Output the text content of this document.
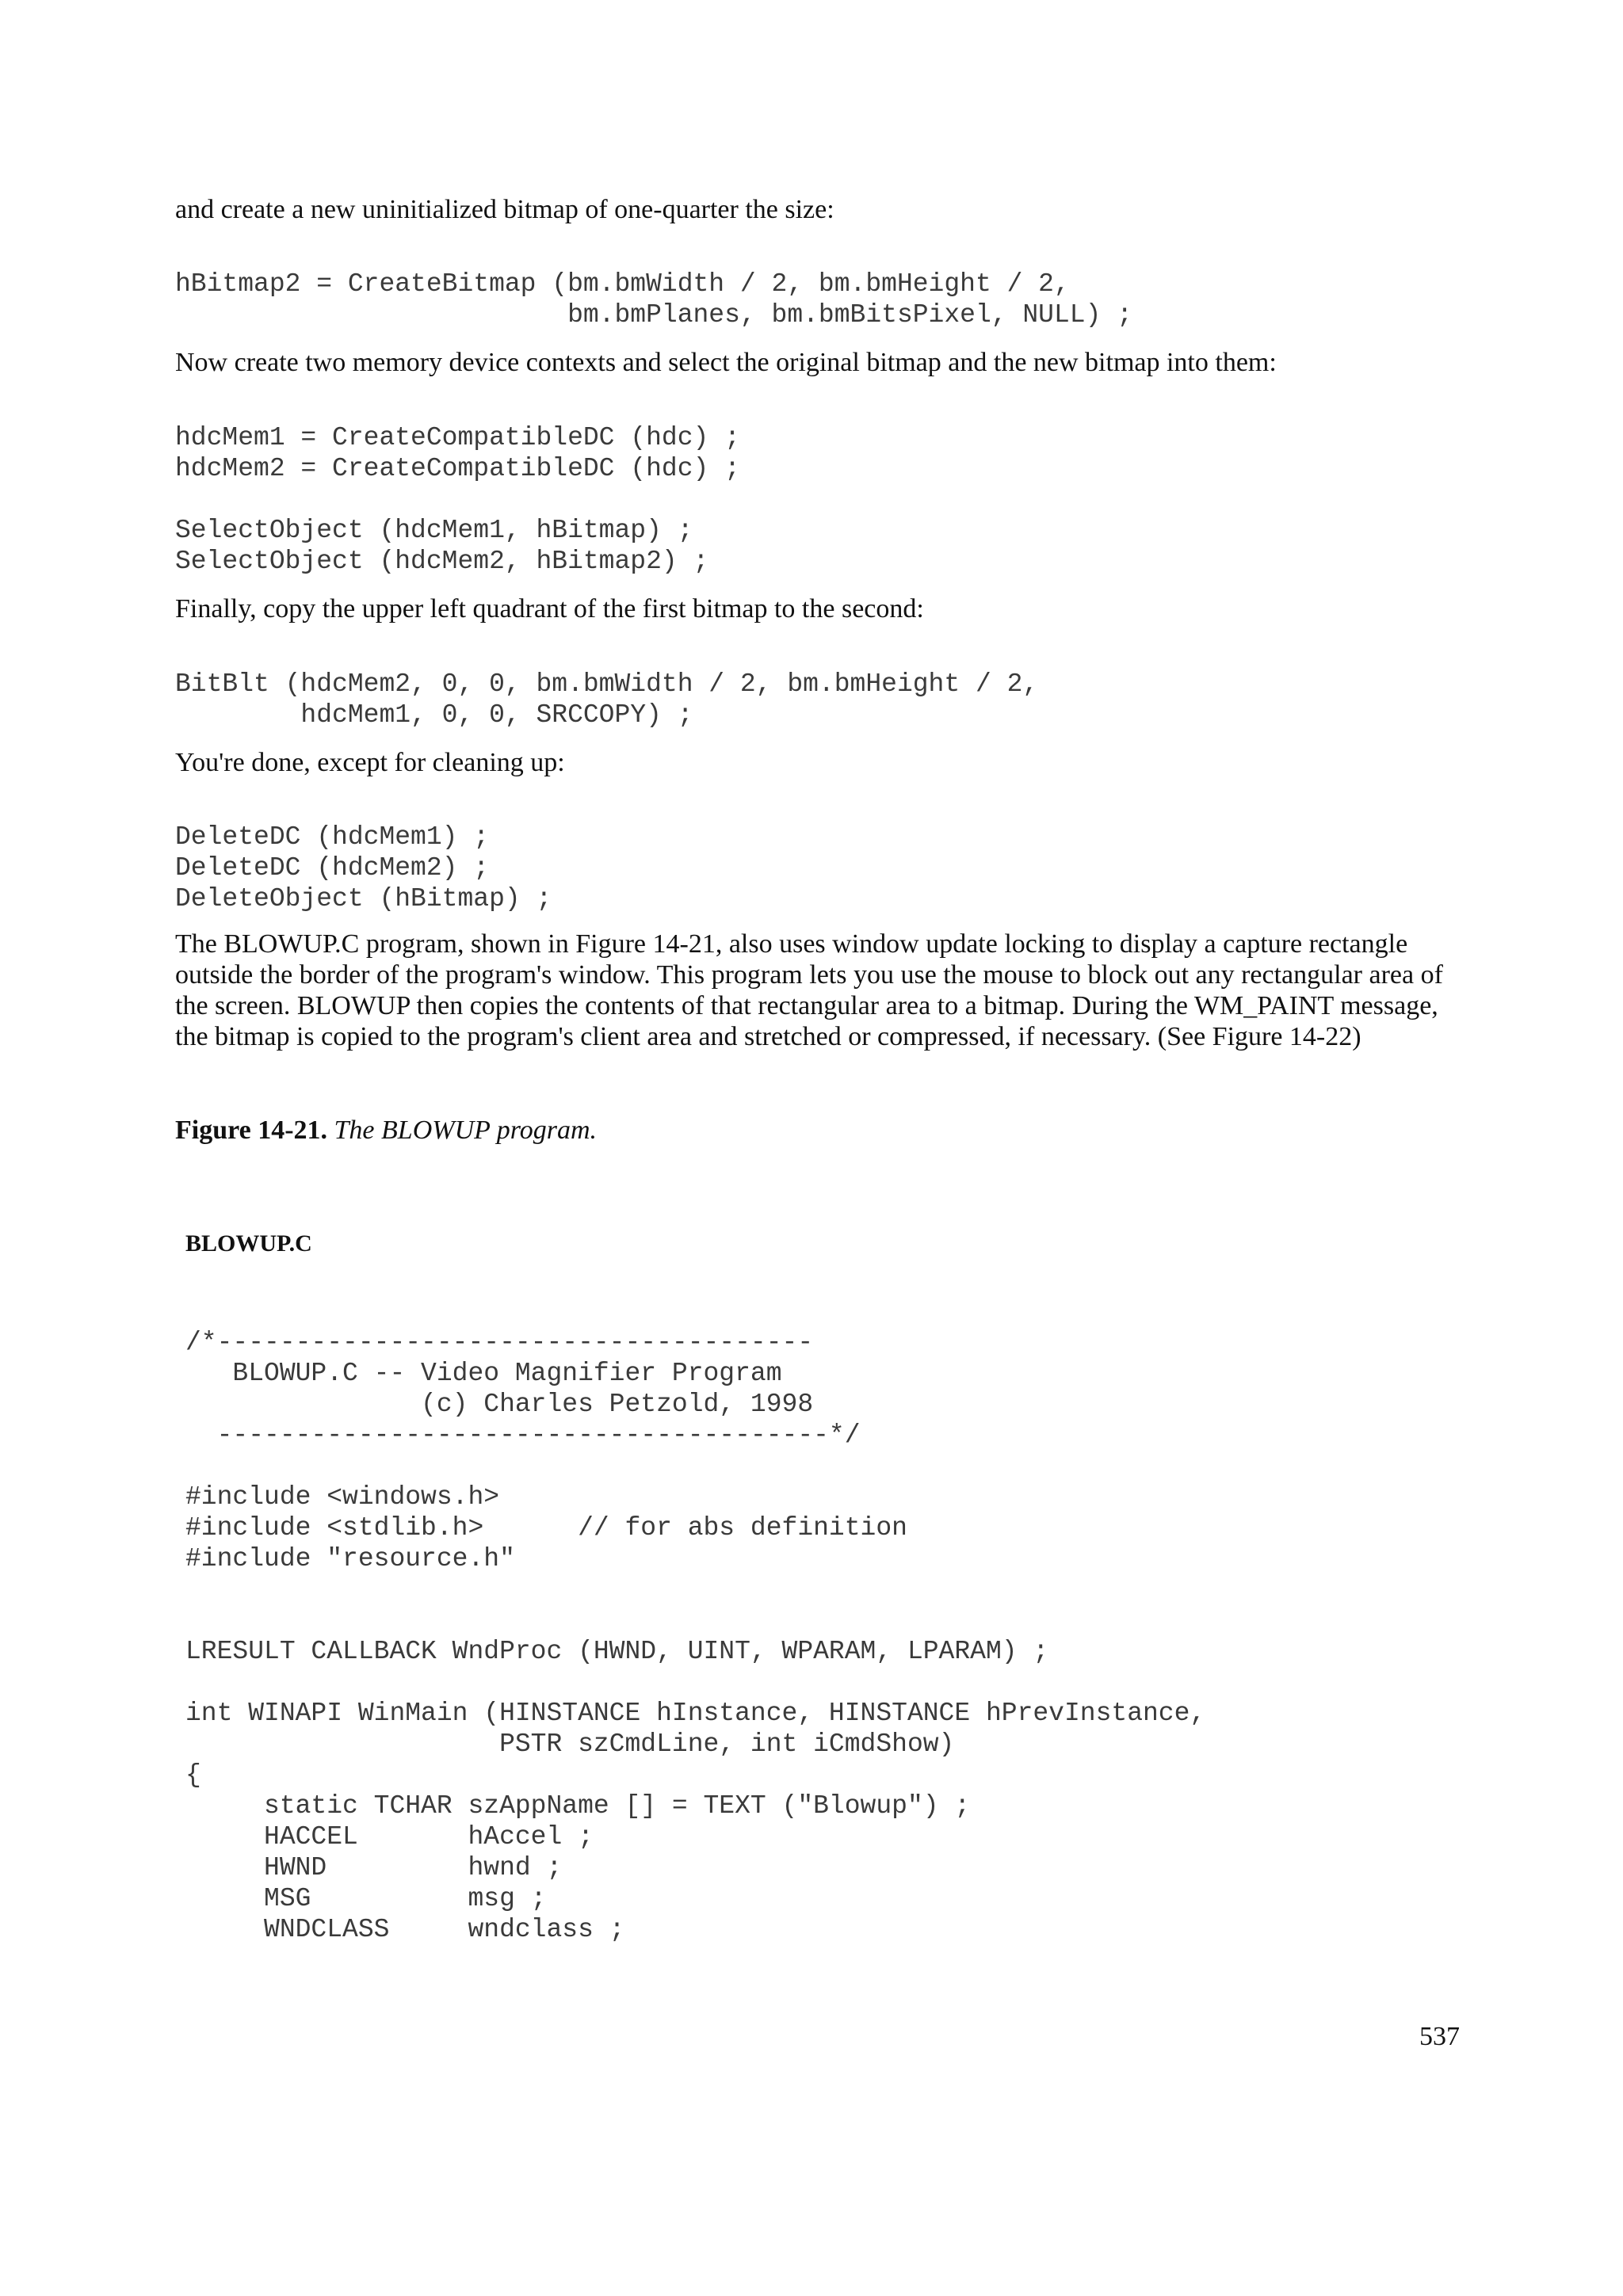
and create a new uninitialized bitmap of one-quarter the size:

hBitmap2 = CreateBitmap (bm.bmWidth / 2, bm.bmHeight / 2,
bm.bmPlanes, bm.bmBitsPixel, NULL) ;

Now create two memory device contexts and select the original bitmap and the new bitmap into them:

hdcMem1 = CreateCompatibleDC (hdc) ;
hdcMem2 = CreateCompatibleDC (hdc) ;

SelectObject (hdcMem1, hBitmap) ;
SelectObject (hdcMem2, hBitmap2) ;

Finally, copy the upper left quadrant of the first bitmap to the second:

BitBlt (hdcMem2, 0, 0, bm.bmWidth / 2, bm.bmHeight / 2,
hdcMem1, 0, 0, SRCCOPY) ;

You're done, except for cleaning up:

DeleteDC (hdcMem1) ;
DeleteDC (hdcMem2) ;
DeleteObject (hBitmap) ;

The BLOWUP.C program, shown in Figure 14-21, also uses window update locking to display a capture rectangle outside the border of the program's window. This program lets you use the mouse to block out any rectangular area of the screen. BLOWUP then copies the contents of that rectangular area to a bitmap. During the WM_PAINT message, the bitmap is copied to the program's client area and stretched or compressed, if necessary. (See Figure 14-22)

Figure 14-21. The BLOWUP program.

BLOWUP.C

/*--------------------------------------
BLOWUP.C -- Video Magnifier Program
(c) Charles Petzold, 1998
---------------------------------------*/

#include <windows.h>
#include <stdlib.h>      // for abs definition
#include "resource.h"

LRESULT CALLBACK WndProc (HWND, UINT, WPARAM, LPARAM) ;

int WINAPI WinMain (HINSTANCE hInstance, HINSTANCE hPrevInstance,
PSTR szCmdLine, int iCmdShow)
{
static TCHAR szAppName [] = TEXT ("Blowup") ;
HACCEL       hAccel ;
HWND         hwnd ;
MSG          msg ;
WNDCLASS     wndclass ;
537
